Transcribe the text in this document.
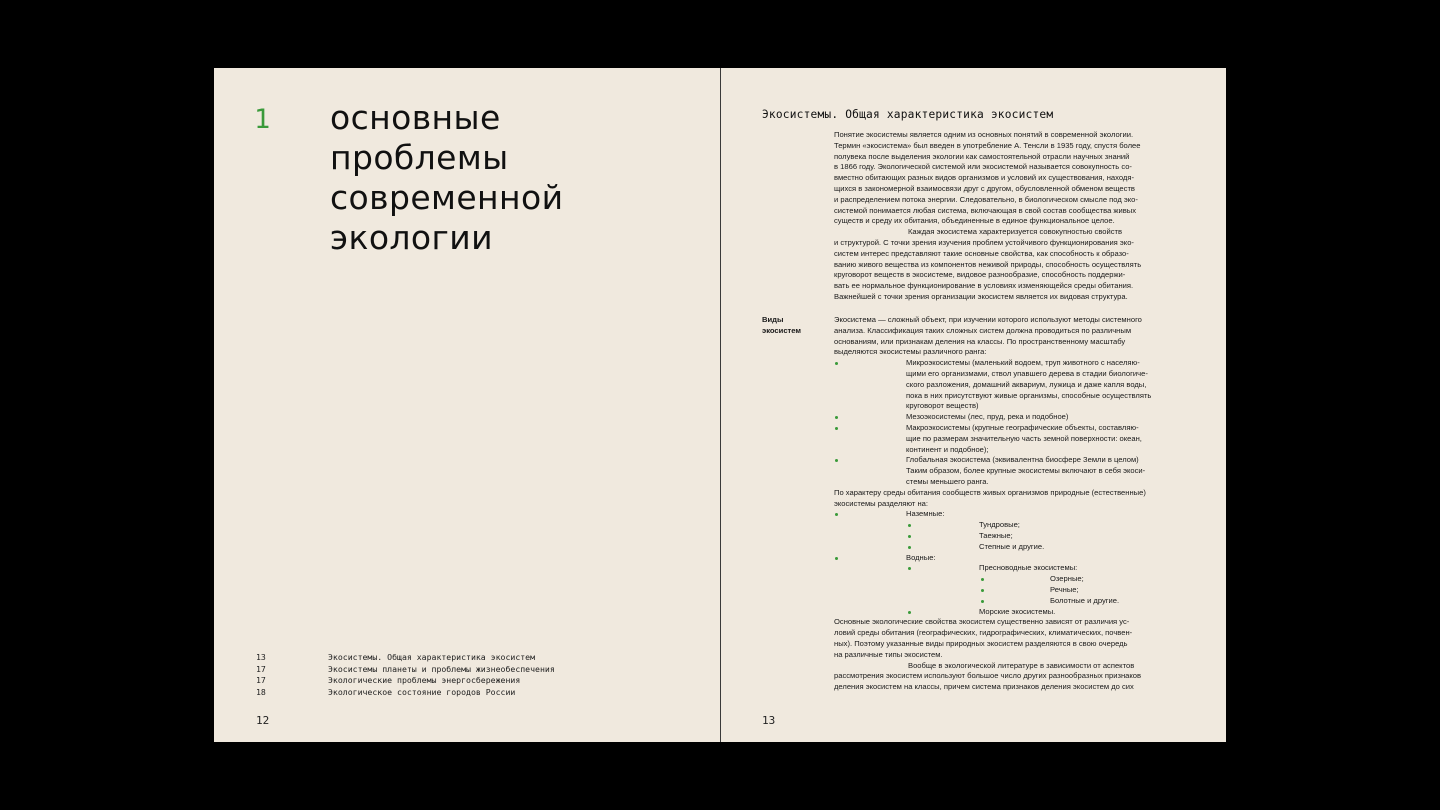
1 основные
проблемы
современной
экологии
13	Экосистемы. Общая характеристика экосистем
17	Экосистемы планеты и проблемы жизнеобеспечения
17	Экологические проблемы энергосбережения
18	Экологическое состояние городов России
12
Экосистемы. Общая характеристика экосистем
Понятие экосистемы является одним из основных понятий в современной экологии.
Термин «экосистема» был введен в употребление А. Тенсли в 1935 году, спустя более
полувека после выделения экологии как самостоятельной отрасли научных знаний
в 1866 году. Экологической системой или экосистемой называется совокупность со-
вместно обитающих разных видов организмов и условий их существования, находя-
щихся в закономерной взаимосвязи друг с другом, обусловленной обменом веществ
и распределением потока энергии. Следовательно, в биологическом смысле под эко-
системой понимается любая система, включающая в свой состав сообщества живых
существ и среду их обитания, объединенные в единое функциональное целое.
Каждая экосистема характеризуется совокупностью свойств
и структурой. С точки зрения изучения проблем устойчивого функционирования эко-
систем интерес представляют такие основные свойства, как способность к образо-
ванию живого вещества из компонентов неживой природы, способность осуществлять
круговорот веществ в экосистеме, видовое разнообразие, способность поддержи-
вать ее нормальное функционирование в условиях изменяющейся среды обитания.
Важнейшей с точки зрения организации экосистем является их видовая структура.
Виды
экосистем
Экосистема — сложный объект, при изучении которого используют методы системного
анализа. Классификация таких сложных систем должна проводиться по различным
основаниям, или признакам деления на классы. По пространственному масштабу
выделяются экосистемы различного ранга:
Микроэкосистемы (маленький водоем, труп животного с населяю-
щими его организмами, ствол упавшего дерева в стадии биологиче-
ского разложения, домашний аквариум, лужица и даже капля воды,
пока в них присутствуют живые организмы, способные осуществлять
круговорот веществ)
Мезоэкосистемы (лес, пруд, река и подобное)
Макроэкосистемы (крупные географические объекты, составляю-
щие по размерам значительную часть земной поверхности: океан,
континент и подобное);
Глобальная экосистема (эквивалентна биосфере Земли в целом)
Таким образом, более крупные экосистемы включают в себя экоси-
стемы меньшего ранга.
По характеру среды обитания сообществ живых организмов природные (естественные)
экосистемы разделяют на:
Наземные:
Тундровые;
Таежные;
Степные и другие.
Водные:
Пресноводные экосистемы:
Озерные;
Речные;
Болотные и другие.
Морские экосистемы.
Основные экологические свойства экосистем существенно зависят от различия ус-
ловий среды обитания (географических, гидрографических, климатических, почвен-
ных). Поэтому указанные виды природных экосистем разделяются в свою очередь
на различные типы экосистем.
Вообще в экологической литературе в зависимости от аспектов
рассмотрения экосистем используют большое число других разнообразных признаков
деления экосистем на классы, причем система признаков деления экосистем до сих
13
